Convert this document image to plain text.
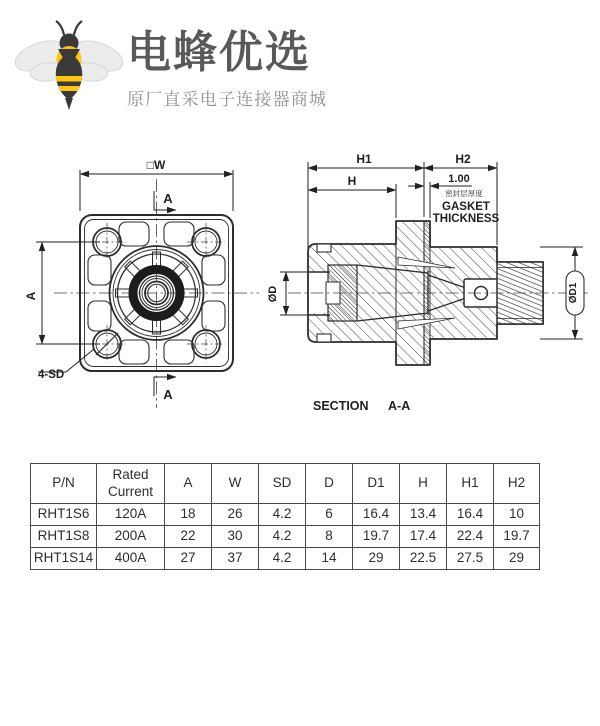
电蜂优选
原厂直采电子连接器商城
□W
A
A
A
4-SD
ØD
H1
H
H2
1.00
密封层厚度
GASKET
THICKNESS
ØD1
SECTION A-A
P/N	Rated Current	A	W	SD	D	D1	H	H1	H2
RHT1S6	120A	18	26	4.2	6	16.4	13.4	16.4	10
RHT1S8	200A	22	30	4.2	8	19.7	17.4	22.4	19.7
RHT1S14	400A	27	37	4.2	14	29	22.5	27.5	29
